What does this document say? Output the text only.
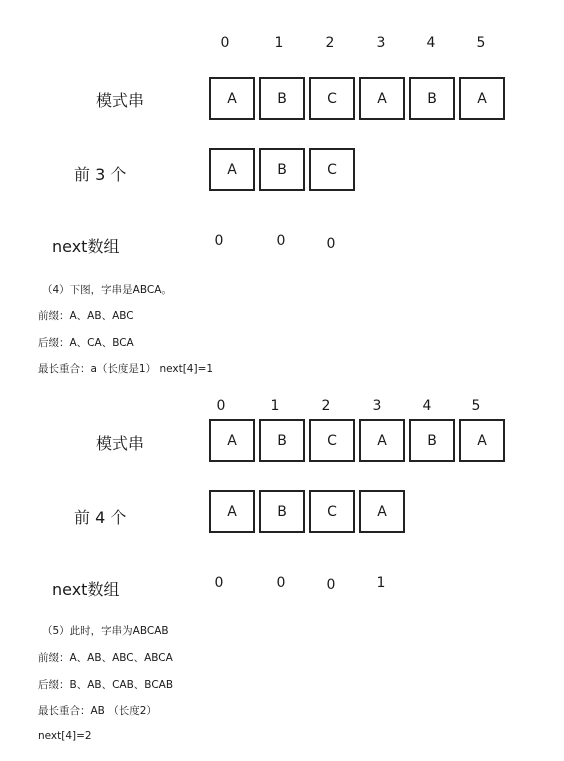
0	1	2	3	4	5
模式串	A	B	C	A	B	A
前 3 个	A	B	C
next数组	0	0	0
（4）下图，字串是ABCA。
前缀：A、AB、ABC
后缀：A、CA、BCA
最长重合：a（长度是1） next[4]=1
0	1	2	3	4	5
模式串	A	B	C	A	B	A
前 4 个	A	B	C	A
next数组	0	0	0	1
（5）此时，字串为ABCAB
前缀：A、AB、ABC、ABCA
后缀：B、AB、CAB、BCAB
最长重合：AB （长度2）
next[4]=2
